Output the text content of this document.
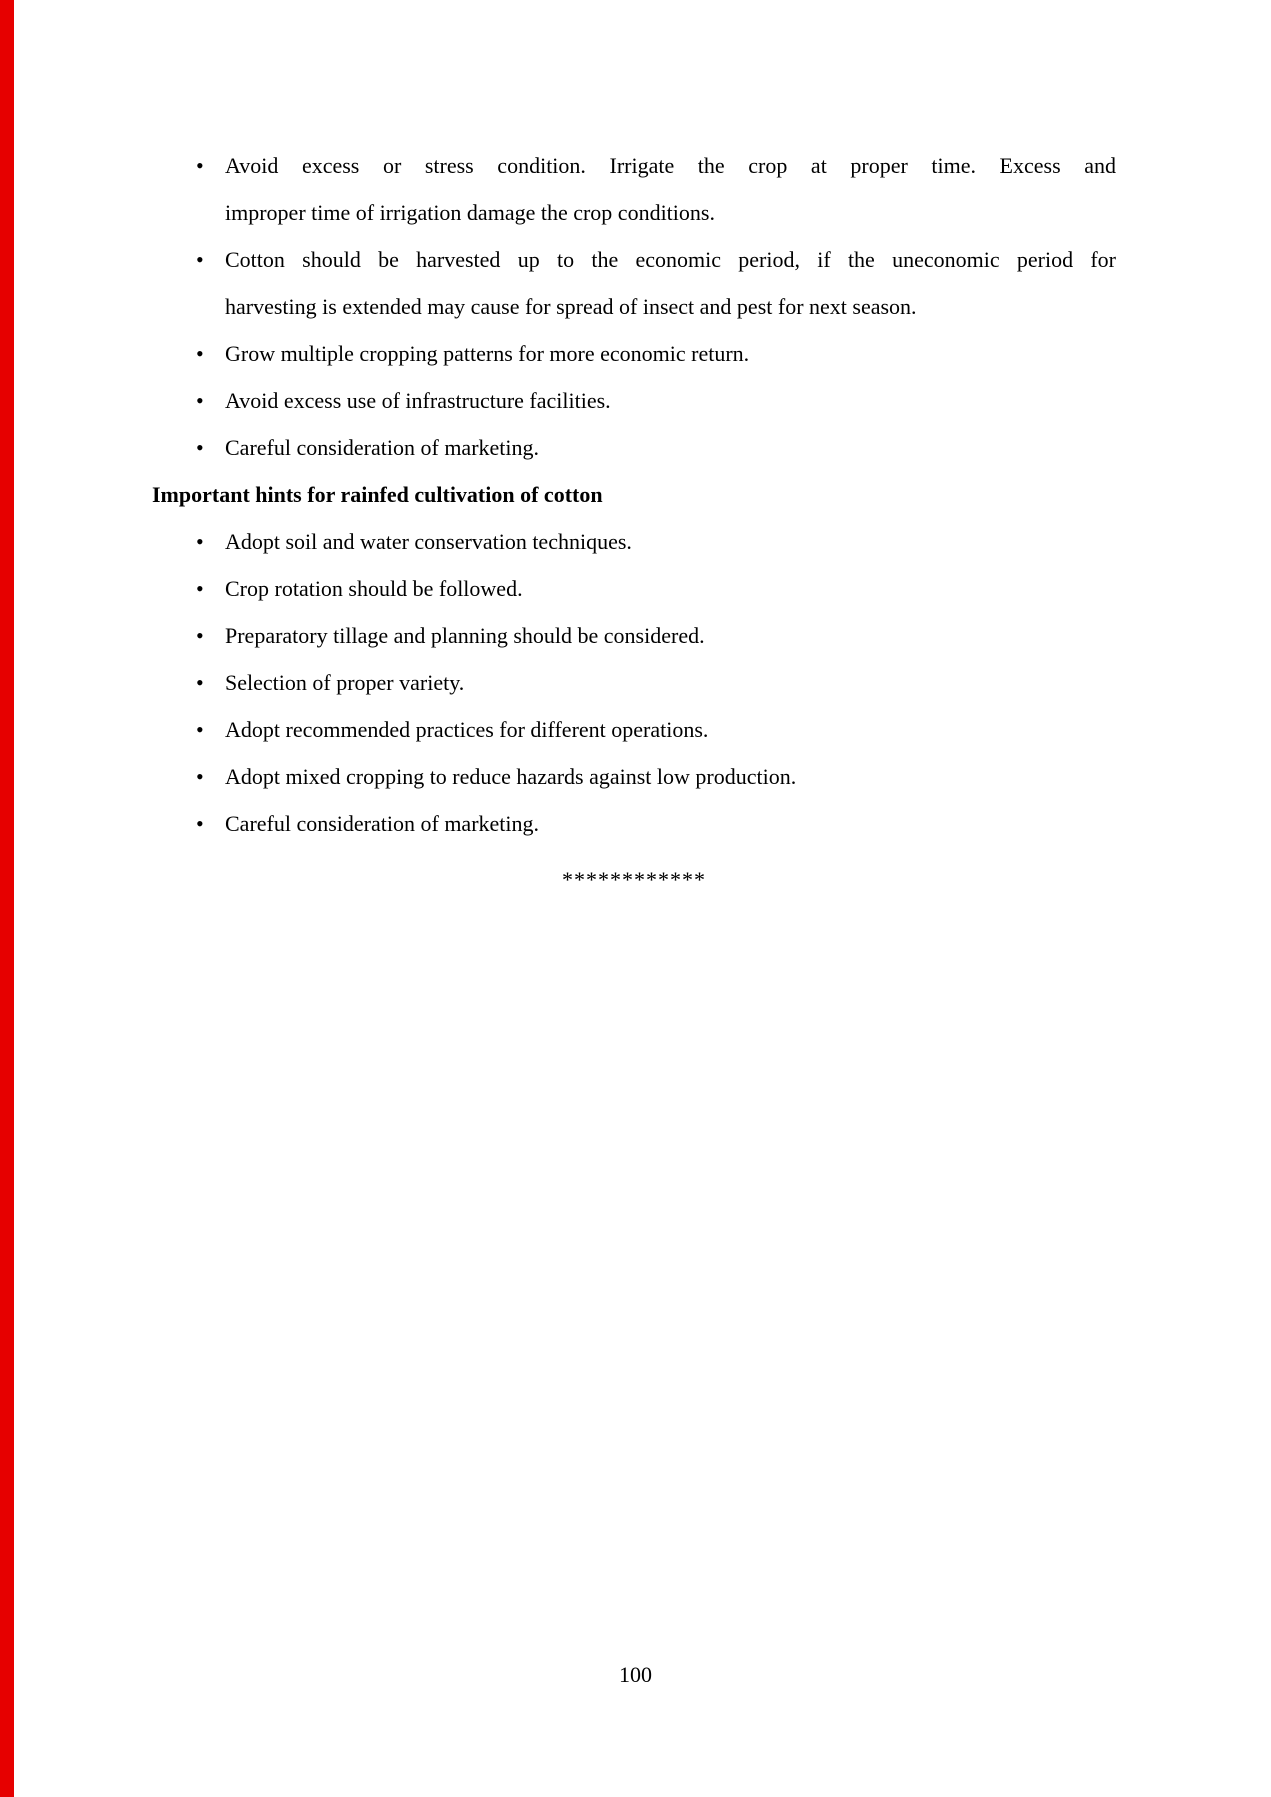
• Avoid excess or stress condition. Irrigate the crop at proper time. Excess and
improper time of irrigation damage the crop conditions.
• Cotton should be harvested up to the economic period, if the uneconomic period for
harvesting is extended may cause for spread of insect and pest for next season.
• Grow multiple cropping patterns for more economic return.
• Avoid excess use of infrastructure facilities.
• Careful consideration of marketing.
Important hints for rainfed cultivation of cotton
• Adopt soil and water conservation techniques.
• Crop rotation should be followed.
• Preparatory tillage and planning should be considered.
• Selection of proper variety.
• Adopt recommended practices for different operations.
• Adopt mixed cropping to reduce hazards against low production.
• Careful consideration of marketing.
************
100
